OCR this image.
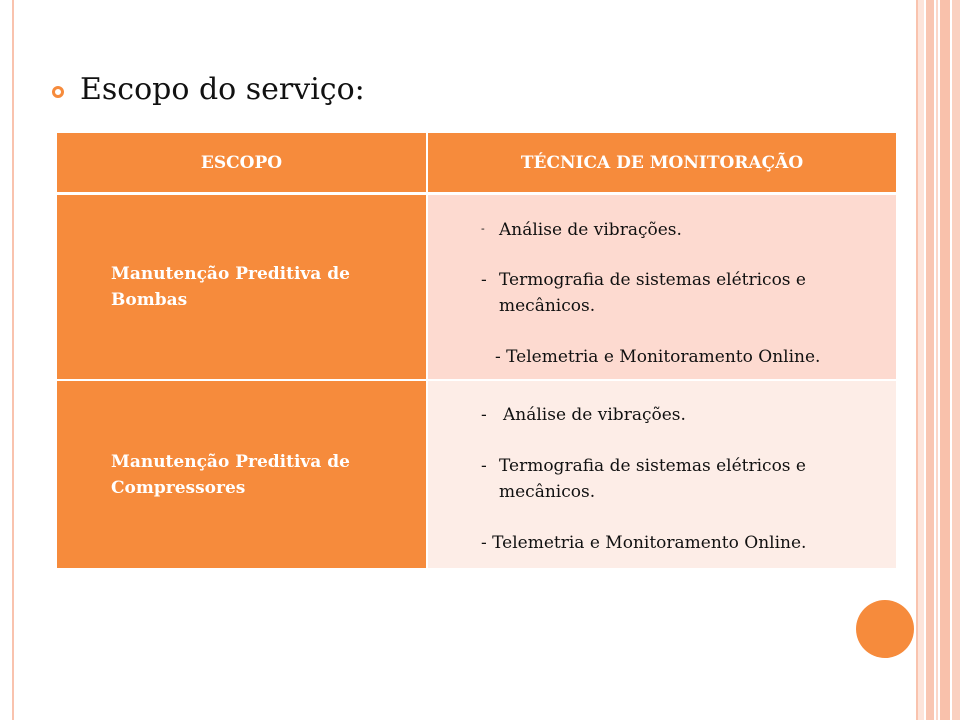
Escopo do serviço:
ESCOPO	TÉCNICA DE MONITORAÇÃO
Manutenção Preditiva de Bombas	- Análise de vibrações.
- Termografia de sistemas elétricos e
mecânicos.
- Telemetria e Monitoramento Online.

Manutenção Preditiva de Compressores	- Análise de vibrações.
- Termografia de sistemas elétricos e
mecânicos.
- Telemetria e Monitoramento Online.
